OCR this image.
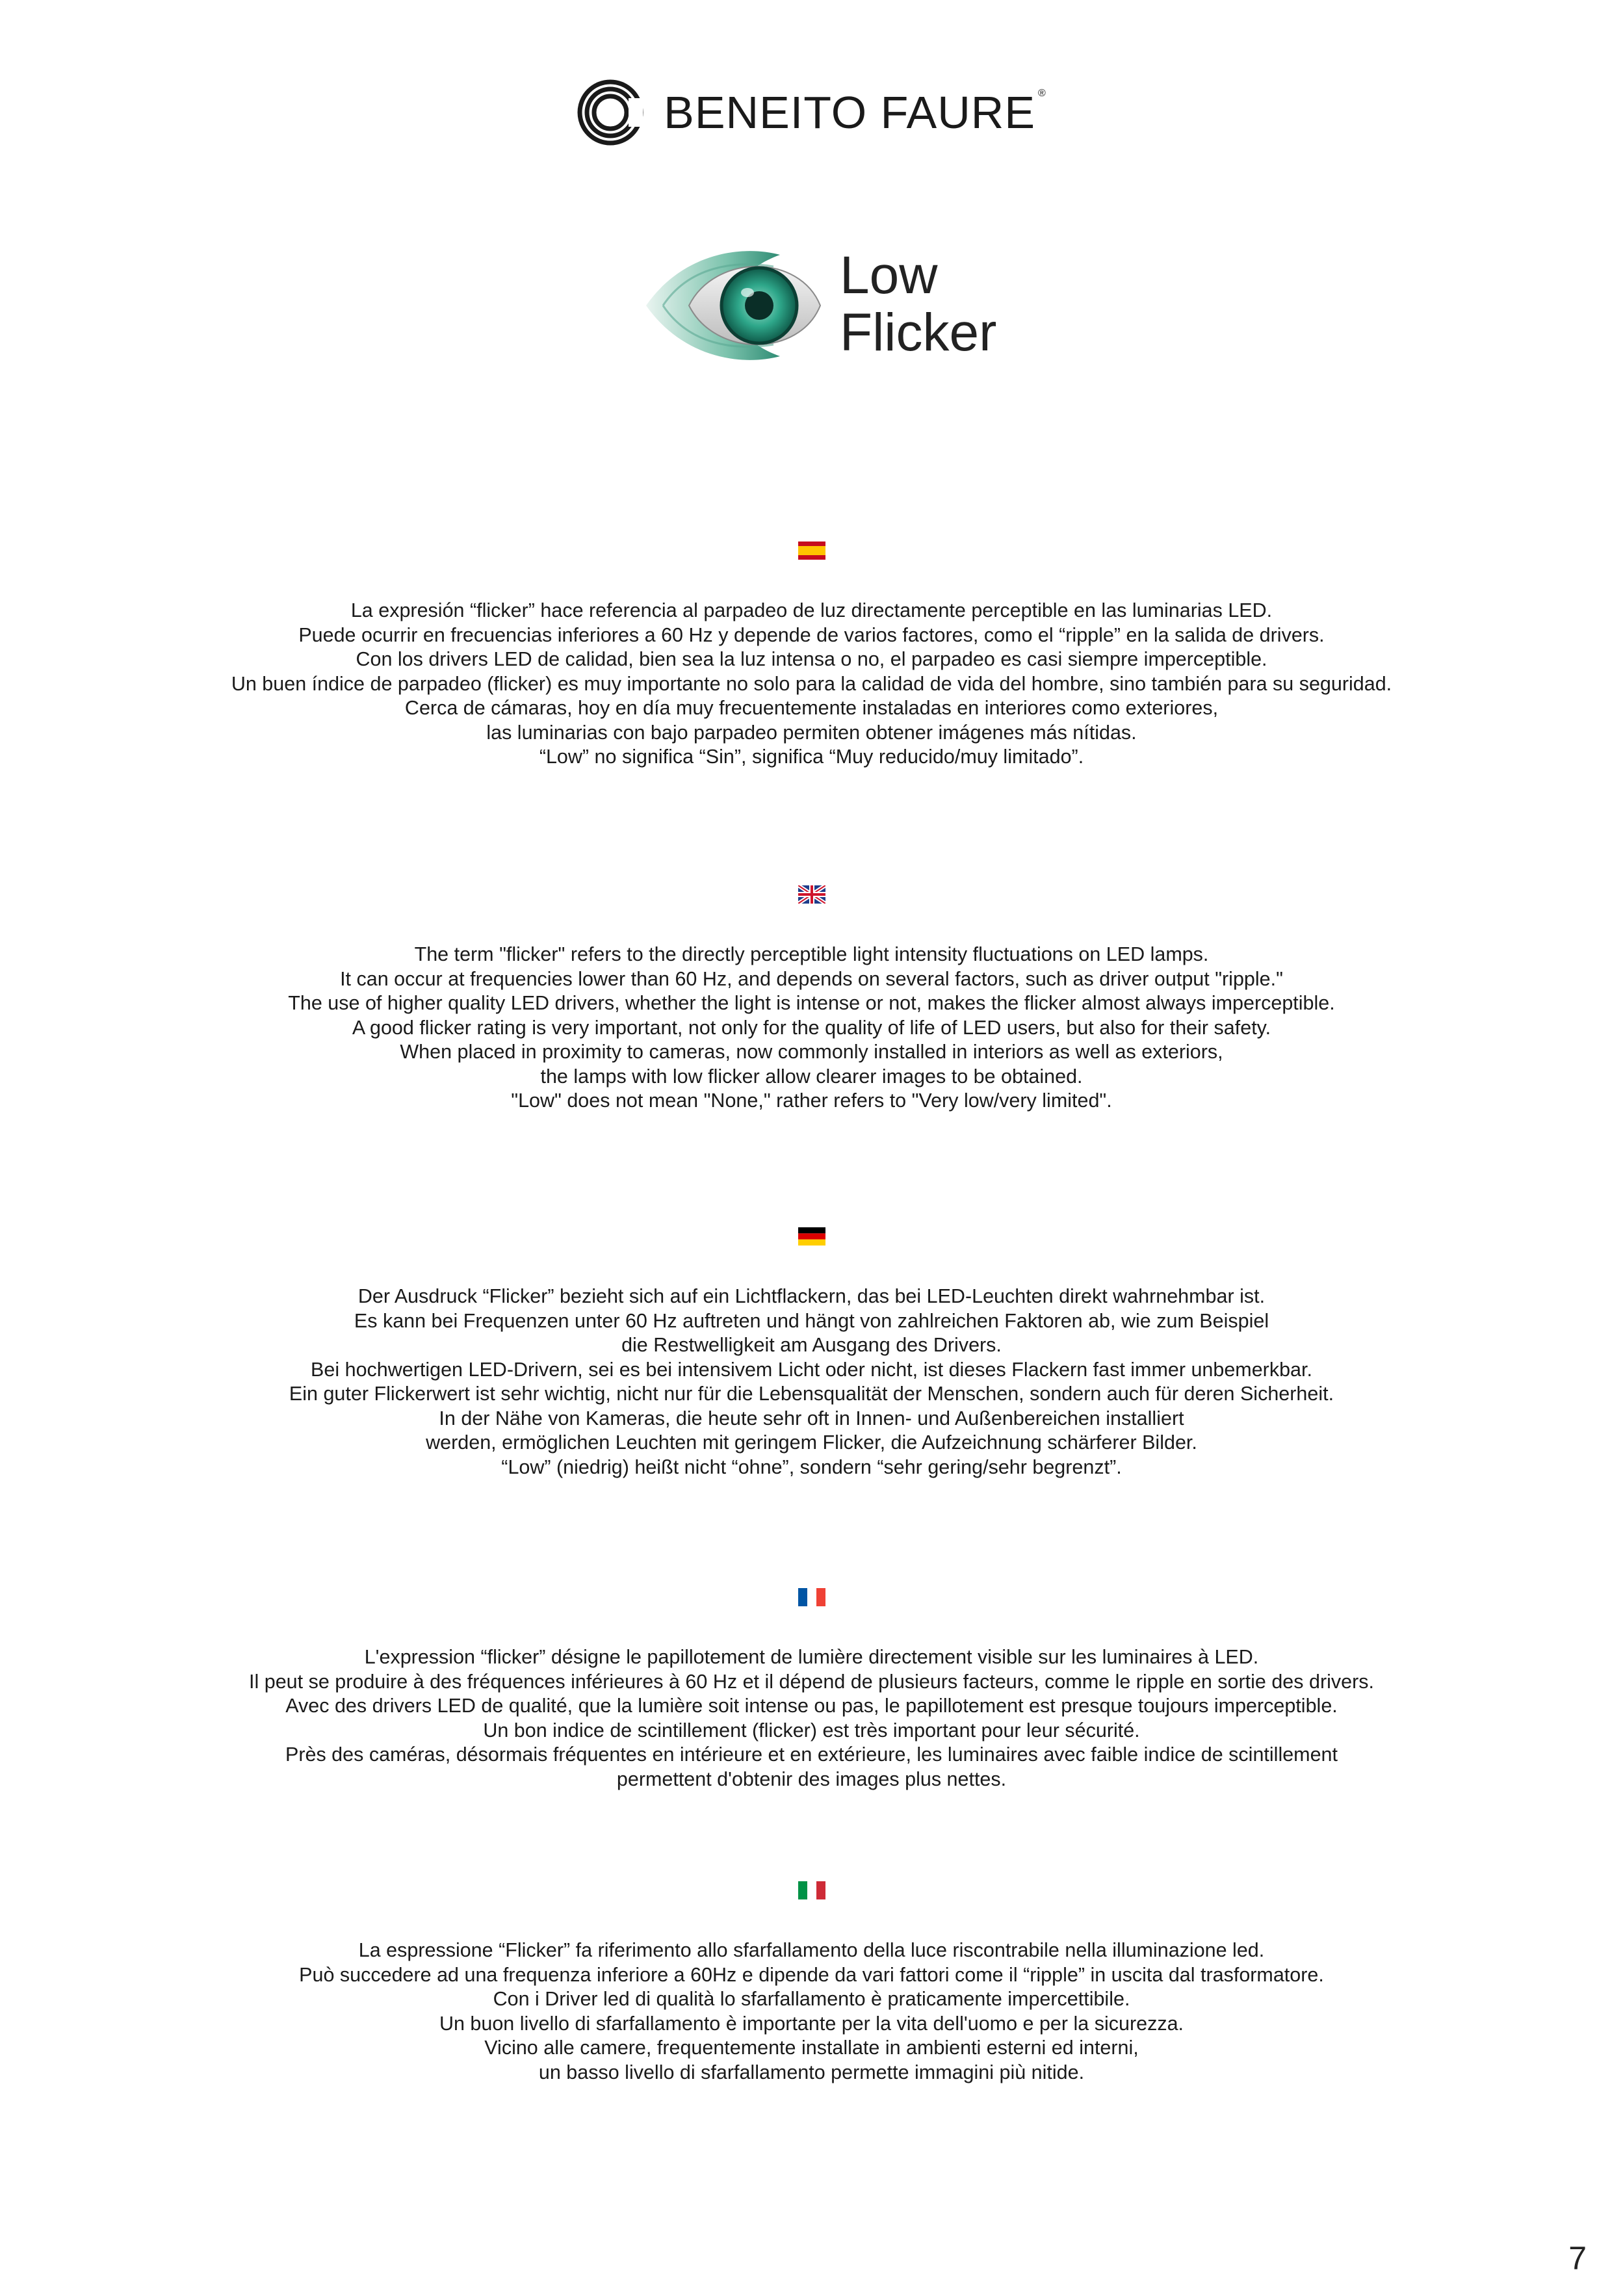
BENEITO FAURE ®
Low
Flicker
La expresión “flicker” hace referencia al parpadeo de luz directamente perceptible en las luminarias LED.
Puede ocurrir en frecuencias inferiores a 60 Hz y depende de varios factores, como el “ripple” en la salida de drivers.
Con los drivers LED de calidad, bien sea la luz intensa o no, el parpadeo es casi siempre imperceptible.
Un buen índice de parpadeo (flicker) es muy importante no solo para la calidad de vida del hombre, sino también para su seguridad.
Cerca de cámaras, hoy en día muy frecuentemente instaladas en interiores como exteriores,
las luminarias con bajo parpadeo permiten obtener imágenes más nítidas.
“Low” no significa “Sin”, significa “Muy reducido/muy limitado”.
The term "flicker" refers to the directly perceptible light intensity fluctuations on LED lamps.
It can occur at frequencies lower than 60 Hz, and depends on several factors, such as driver output "ripple."
The use of higher quality LED drivers, whether the light is intense or not, makes the flicker almost always imperceptible.
A good flicker rating is very important, not only for the quality of life of LED users, but also for their safety.
When placed in proximity to cameras, now commonly installed in interiors as well as exteriors,
the lamps with low flicker allow clearer images to be obtained.
"Low" does not mean "None," rather refers to "Very low/very limited".
Der Ausdruck “Flicker” bezieht sich auf ein Lichtflackern, das bei LED-Leuchten direkt wahrnehmbar ist.
Es kann bei Frequenzen unter 60 Hz auftreten und hängt von zahlreichen Faktoren ab, wie zum Beispiel
die Restwelligkeit am Ausgang des Drivers.
Bei hochwertigen LED-Drivern, sei es bei intensivem Licht oder nicht, ist dieses Flackern fast immer unbemerkbar.
Ein guter Flickerwert ist sehr wichtig, nicht nur für die Lebensqualität der Menschen, sondern auch für deren Sicherheit.
In der Nähe von Kameras, die heute sehr oft in Innen- und Außenbereichen installiert
werden, ermöglichen Leuchten mit geringem Flicker, die Aufzeichnung schärferer Bilder.
“Low” (niedrig) heißt nicht “ohne”, sondern “sehr gering/sehr begrenzt”.
L'expression “flicker” désigne le papillotement de lumière directement visible sur les luminaires à LED.
Il peut se produire à des fréquences inférieures à 60 Hz et il dépend de plusieurs facteurs, comme le ripple en sortie des drivers.
Avec des drivers LED de qualité, que la lumière soit intense ou pas, le papillotement est presque toujours imperceptible.
Un bon indice de scintillement (flicker) est très important pour leur sécurité.
Près des caméras, désormais fréquentes en intérieure et en extérieure, les luminaires avec faible indice de scintillement
permettent d'obtenir des images plus nettes.
La espressione “Flicker” fa riferimento allo sfarfallamento della luce riscontrabile nella illuminazione led.
Può succedere ad una frequenza inferiore a 60Hz e dipende da vari fattori come il “ripple” in uscita dal trasformatore.
Con i Driver led di qualità lo sfarfallamento è praticamente impercettibile.
Un buon livello di sfarfallamento è importante per la vita dell'uomo e per la sicurezza.
Vicino alle camere, frequentemente installate in ambienti esterni ed interni,
un basso livello di sfarfallamento permette immagini più nitide.
7
